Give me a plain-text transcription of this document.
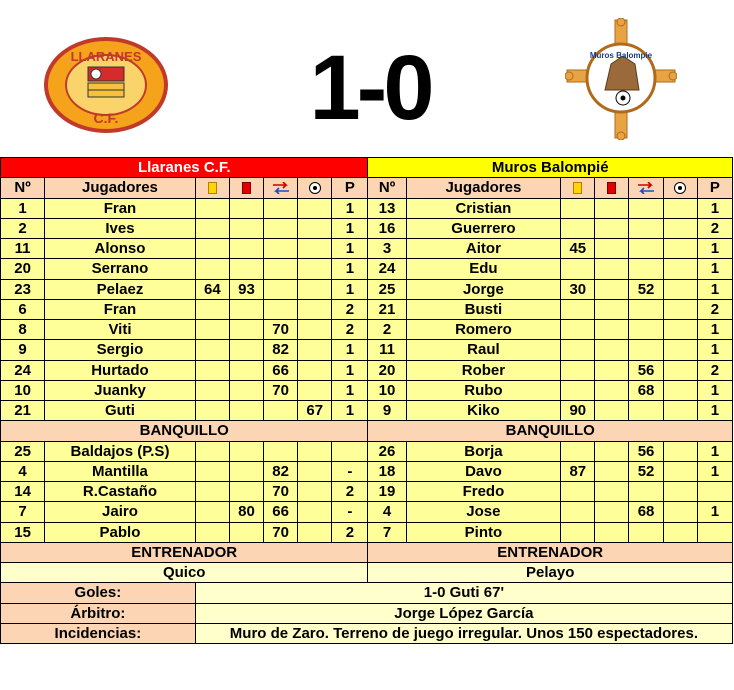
LLARANES
C.F.	1-0	Muros Balompie
Llaranes C.F.							Muros Balompié						
Nº	Jugadores					P	Nº	Jugadores					P
1	Fran					1	13	Cristian					1
2	Ives					1	16	Guerrero					2
11	Alonso					1	3	Aitor	45				1
20	Serrano					1	24	Edu					1
23	Pelaez	64	93			1	25	Jorge	30		52		1
6	Fran					2	21	Busti					2
8	Viti			70		2	2	Romero					1
9	Sergio			82		1	11	Raul					1
24	Hurtado			66		1	20	Rober			56		2
10	Juanky			70		1	10	Rubo			68		1
21	Guti				67	1	9	Kiko	90				1
BANQUILLO							BANQUILLO						
25	Baldajos (P.S)						26	Borja			56		1
4	Mantilla			82		-	18	Davo	87		52		1
14	R.Castaño			70		2	19	Fredo					
7	Jairo		80	66		-	4	Jose			68		1
15	Pablo			70		2	7	Pinto					
ENTRENADOR							ENTRENADOR						
Quico							Pelayo						
Goles:		1-0 Guti 67'											
Árbitro:		Jorge López García											
Incidencias:		Muro de Zaro. Terreno de juego irregular. Unos 150 espectadores.											
